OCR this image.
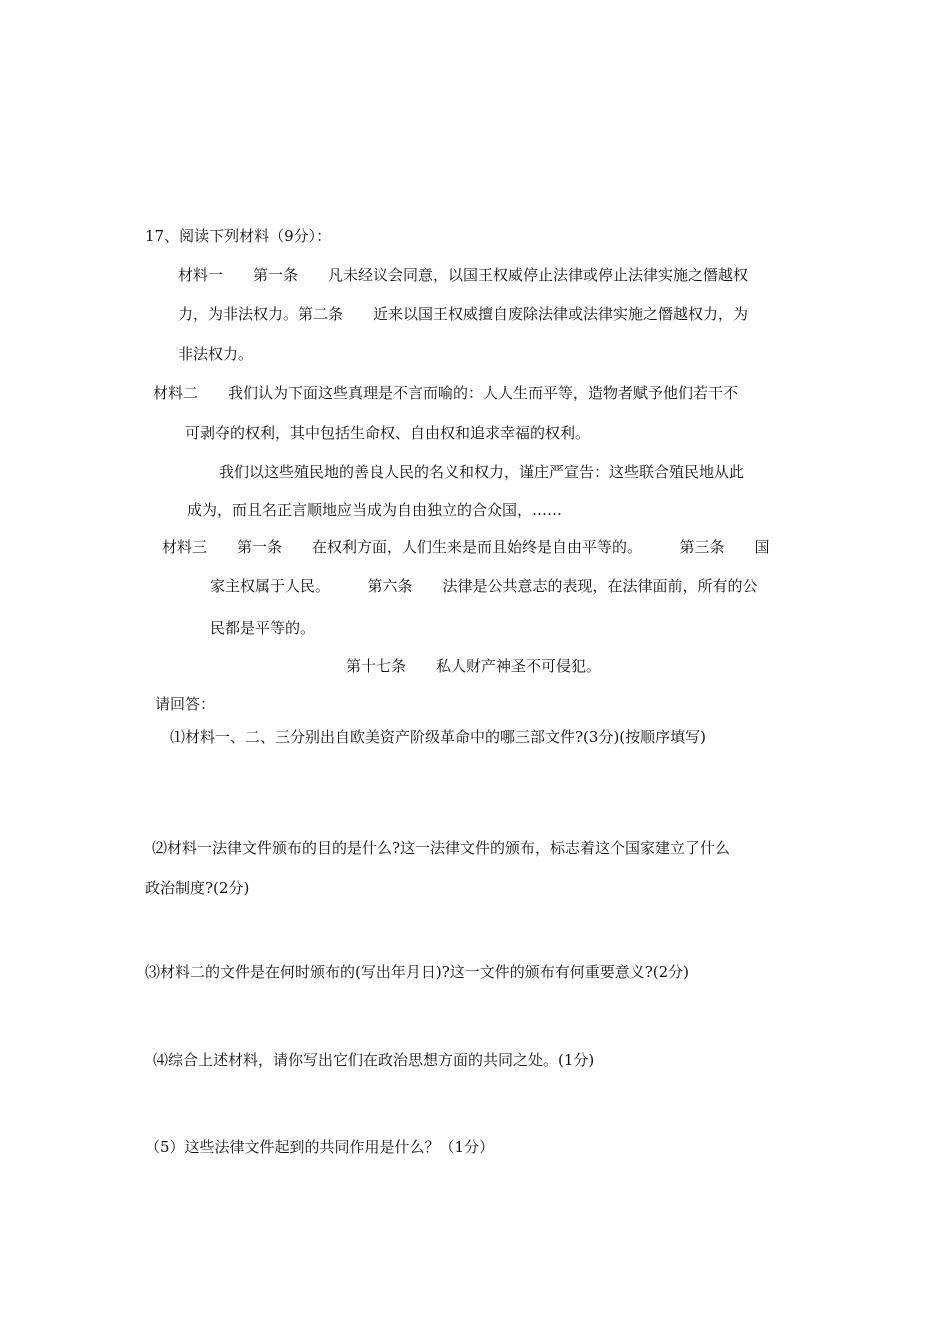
17、阅读下列材料（9分）：
材料一　　第一条　　凡未经议会同意，以国王权威停止法律或停止法律实施之僭越权
力，为非法权力。第二条　　近来以国王权威擅自废除法律或法律实施之僭越权力，为
非法权力。
材料二　　我们认为下面这些真理是不言而喻的：人人生而平等，造物者赋予他们若干不
可剥夺的权利，其中包括生命权、自由权和追求幸福的权利。
我们以这些殖民地的善良人民的名义和权力，谨庄严宣告：这些联合殖民地从此
成为，而且名正言顺地应当成为自由独立的合众国，……
材料三　　第一条　　在权利方面，人们生来是而且始终是自由平等的。　　　第三条　　国
家主权属于人民。　　　第六条　　法律是公共意志的表现，在法律面前，所有的公
民都是平等的。
第十七条　　私人财产神圣不可侵犯。
请回答：
⑴材料一、二、三分别出自欧美资产阶级革命中的哪三部文件?(3分)(按顺序填写)
⑵材料一法律文件颁布的目的是什么?这一法律文件的颁布，标志着这个国家建立了什么
政治制度?(2分)
⑶材料二的文件是在何时颁布的(写出年月日)?这一文件的颁布有何重要意义?(2分)
⑷综合上述材料，请你写出它们在政治思想方面的共同之处。(1分)
（5）这些法律文件起到的共同作用是什么？（1分）
